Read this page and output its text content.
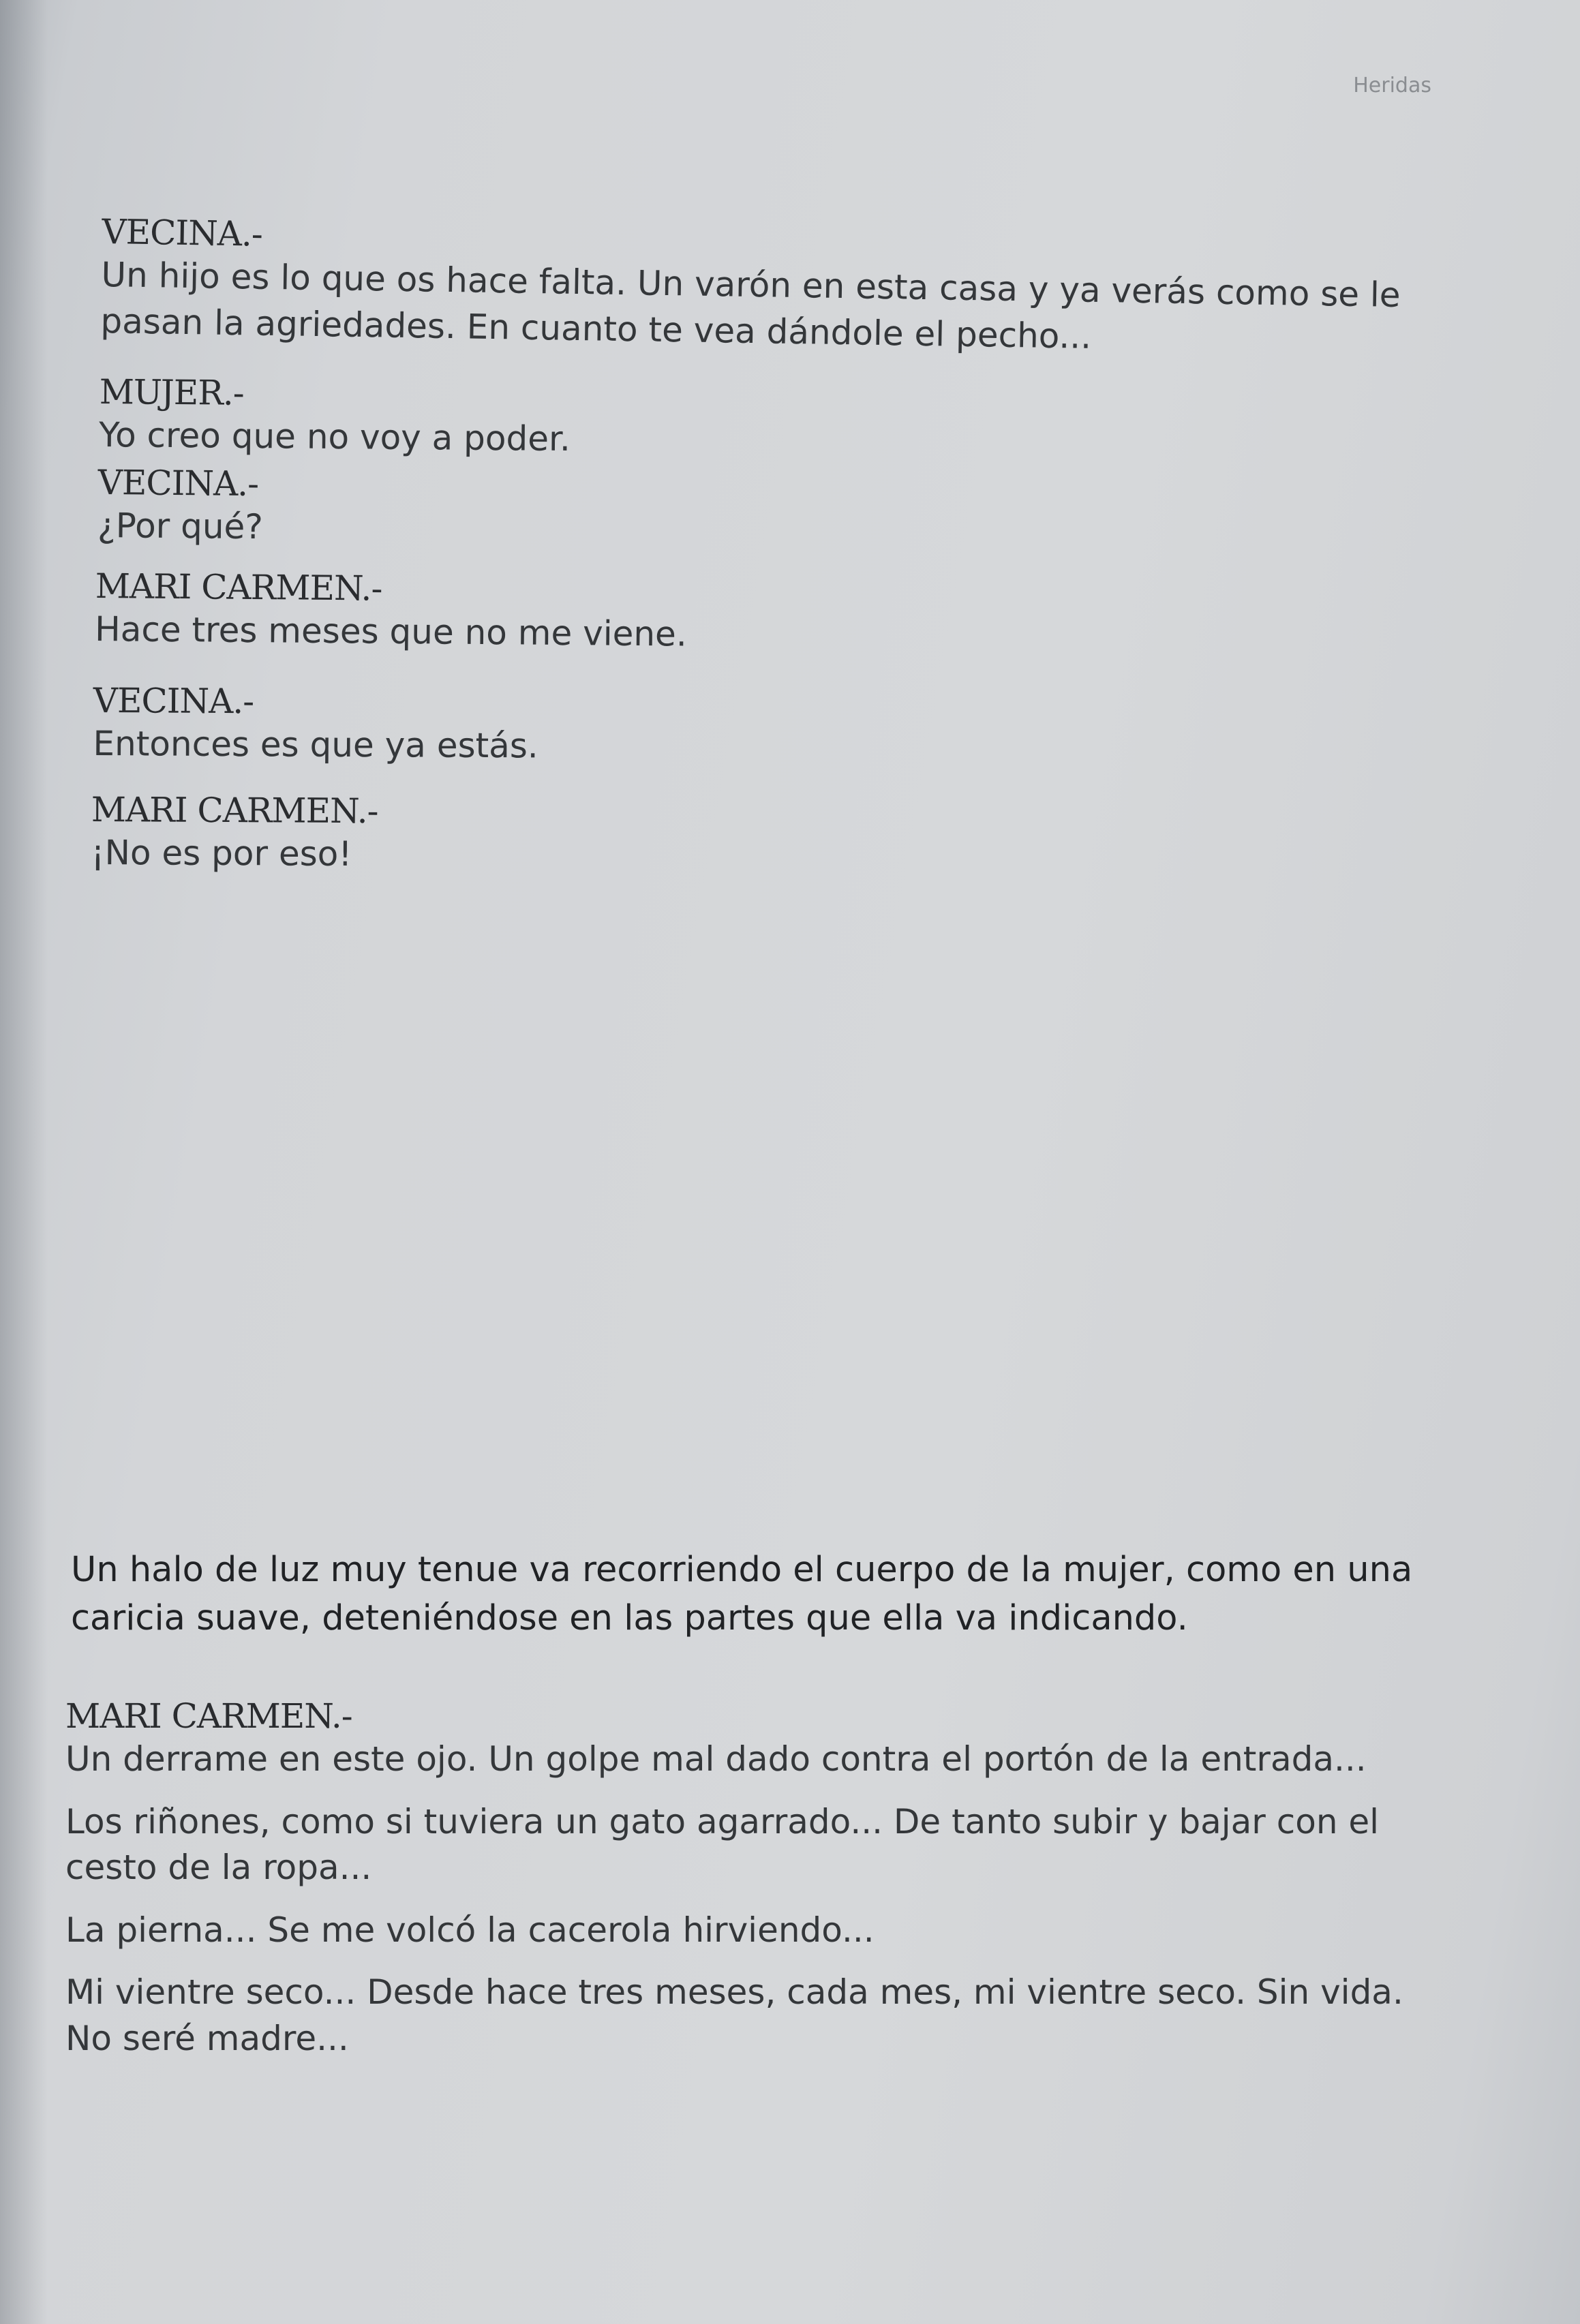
Heridas
VECINA.-
Un hijo es lo que os hace falta. Un varón en esta casa y ya verás como se le
pasan la agriedades. En cuanto te vea dándole el pecho...
MUJER.-
Yo creo que no voy a poder.
VECINA.-
¿Por qué?
MARI CARMEN.-
Hace tres meses que no me viene.
VECINA.-
Entonces es que ya estás.
MARI CARMEN.-
¡No es por eso!
Un halo de luz muy tenue va recorriendo el cuerpo de la mujer, como en una
caricia suave, deteniéndose en las partes que ella va indicando.
MARI CARMEN.-
Un derrame en este ojo. Un golpe mal dado contra el portón de la entrada...
Los riñones, como si tuviera un gato agarrado... De tanto subir y bajar con el
cesto de la ropa...
La pierna... Se me volcó la cacerola hirviendo...
Mi vientre seco... Desde hace tres meses, cada mes, mi vientre seco. Sin vida.
No seré madre...
